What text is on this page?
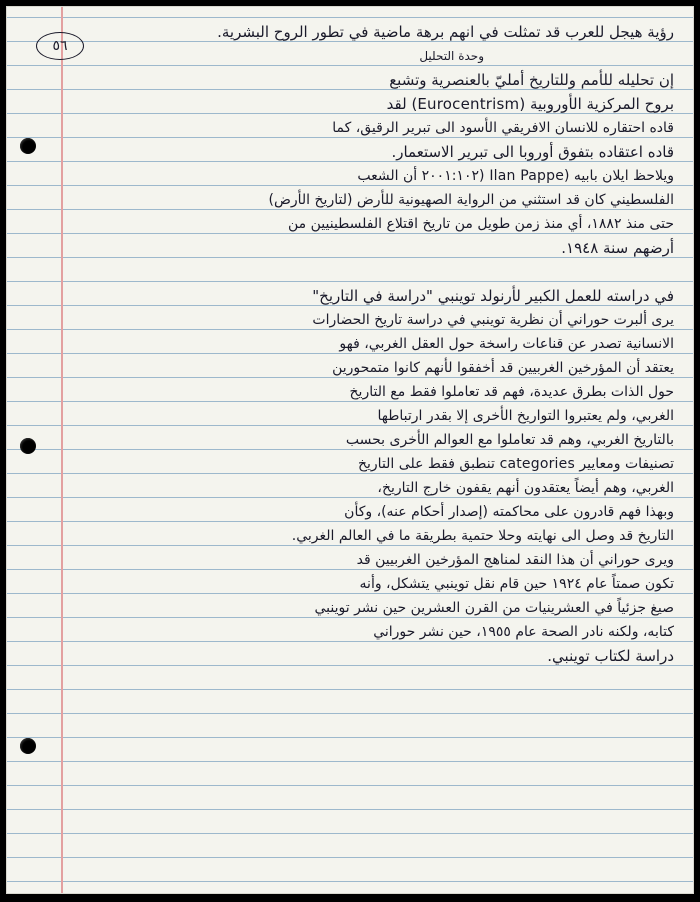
٥٦
رؤية هيجل للعرب قد تمثلت في انهم برهة ماضية في تطور الروح البشرية.
وحدة التحليل
إن تحليله للأمم وللتاريخ أمليّ بالعنصرية وتشبع
بروح المركزية الأوروبية (Eurocentrism) لقد
قاده احتقاره للانسان الافريقي الأسود الى تبرير الرقيق، كما
قاده اعتقاده بتفوق أوروبا الى تبرير الاستعمار.
ويلاحظ ايلان بابيه (Ilan Pappe (٢٠٠١:١٠٢ أن الشعب
الفلسطيني كان قد استثني من الرواية الصهيونية للأرض (لتاريخ الأرض)
حتى منذ ١٨٨٢، أي منذ زمن طويل من تاريخ اقتلاع الفلسطينيين من
أرضهم سنة ١٩٤٨.
في دراسته للعمل الكبير لأرنولد توينبي "دراسة في التاريخ"
يرى ألبرت حوراني أن نظرية توينبي في دراسة تاريخ الحضارات
الانسانية تصدر عن قناعات راسخة حول العقل الغربي، فهو
يعتقد أن المؤرخين الغربيين قد أخفقوا لأنهم كانوا متمحورين
حول الذات بطرق عديدة، فهم قد تعاملوا فقط مع التاريخ
الغربي، ولم يعتبروا التواريخ الأخرى إلا بقدر ارتباطها
بالتاريخ الغربي، وهم قد تعاملوا مع العوالم الأخرى بحسب
تصنيفات ومعايير categories تنطبق فقط على التاريخ
الغربي، وهم أيضاً يعتقدون أنهم يقفون خارج التاريخ،
وبهذا فهم قادرون على محاكمته (إصدار أحكام عنه)، وكأن
التاريخ قد وصل الى نهايته وحلا حتمية بطريقة ما في العالم الغربي.
ويرى حوراني أن هذا النقد لمناهج المؤرخين الغربيين قد
تكون صمتاً عام ١٩٢٤ حين قام نقل توينبي يتشكل، وأنه
صيغ جزئياً في العشرينيات من القرن العشرين حين نشر توينبي
كتابه، ولكنه نادر الصحة عام ١٩٥٥، حين نشر حوراني
دراسة لكتاب توينبي.
